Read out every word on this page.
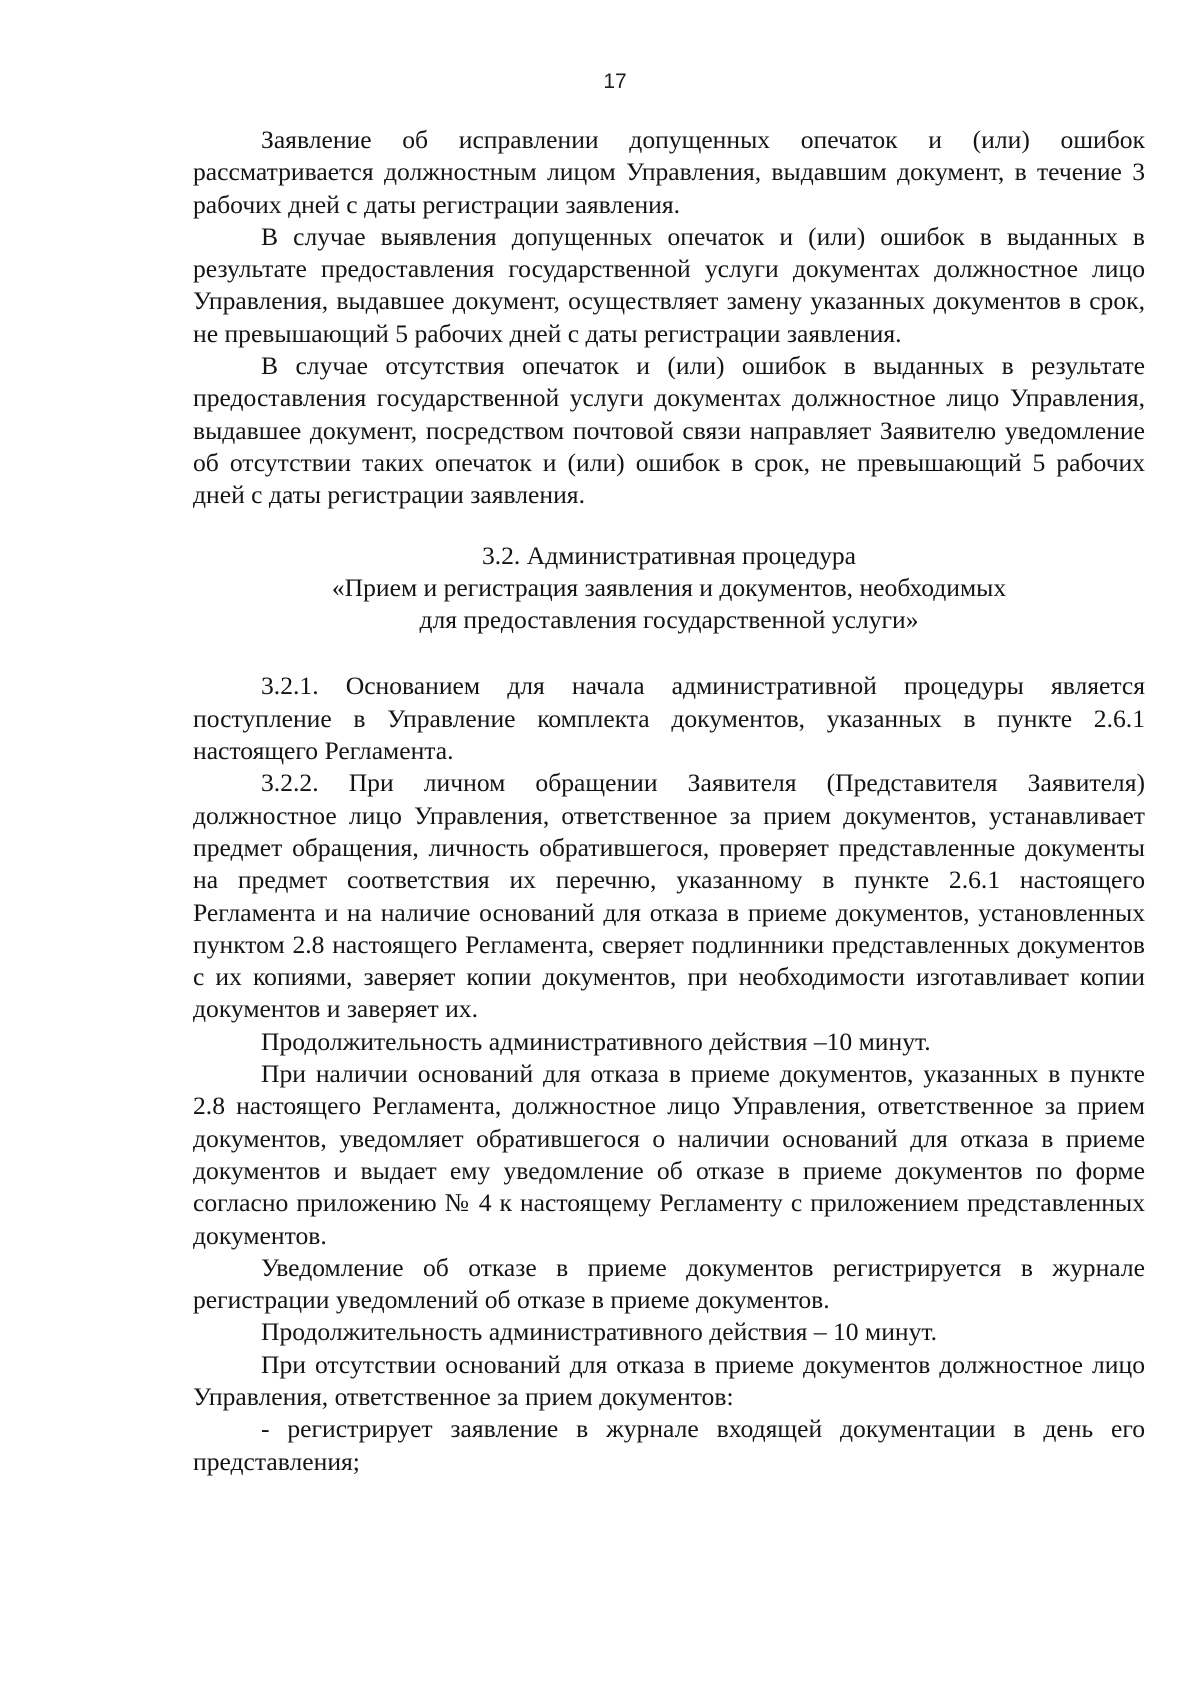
17

Заявление об исправлении допущенных опечаток и (или) ошибок рассматривается должностным лицом Управления, выдавшим документ, в течение 3 рабочих дней с даты регистрации заявления.

В случае выявления допущенных опечаток и (или) ошибок в выданных в результате предоставления государственной услуги документах должностное лицо Управления, выдавшее документ, осуществляет замену указанных документов в срок, не превышающий 5 рабочих дней с даты регистрации заявления.

В случае отсутствия опечаток и (или) ошибок в выданных в результате предоставления государственной услуги документах должностное лицо Управления, выдавшее документ, посредством почтовой связи направляет Заявителю уведомление об отсутствии таких опечаток и (или) ошибок в срок, не превышающий 5 рабочих дней с даты регистрации заявления.

3.2. Административная процедура
«Прием и регистрация заявления и документов, необходимых
для предоставления государственной услуги»

3.2.1. Основанием для начала административной процедуры является поступление в Управление комплекта документов, указанных в пункте 2.6.1 настоящего Регламента.

3.2.2. При личном обращении Заявителя (Представителя Заявителя) должностное лицо Управления, ответственное за прием документов, устанавливает предмет обращения, личность обратившегося, проверяет представленные документы на предмет соответствия их перечню, указанному в пункте 2.6.1 настоящего Регламента и на наличие оснований для отказа в приеме документов, установленных пунктом 2.8 настоящего Регламента, сверяет подлинники представленных документов с их копиями, заверяет копии документов, при необходимости изготавливает копии документов и заверяет их.

Продолжительность административного действия –10 минут.

При наличии оснований для отказа в приеме документов, указанных в пункте 2.8 настоящего Регламента, должностное лицо Управления, ответственное за прием документов, уведомляет обратившегося о наличии оснований для отказа в приеме документов и выдает ему уведомление об отказе в приеме документов по форме согласно приложению № 4 к настоящему Регламенту с приложением представленных документов.

Уведомление об отказе в приеме документов регистрируется в журнале регистрации уведомлений об отказе в приеме документов.

Продолжительность административного действия – 10 минут.

При отсутствии оснований для отказа в приеме документов должностное лицо Управления, ответственное за прием документов:

- регистрирует заявление в журнале входящей документации в день его представления;
